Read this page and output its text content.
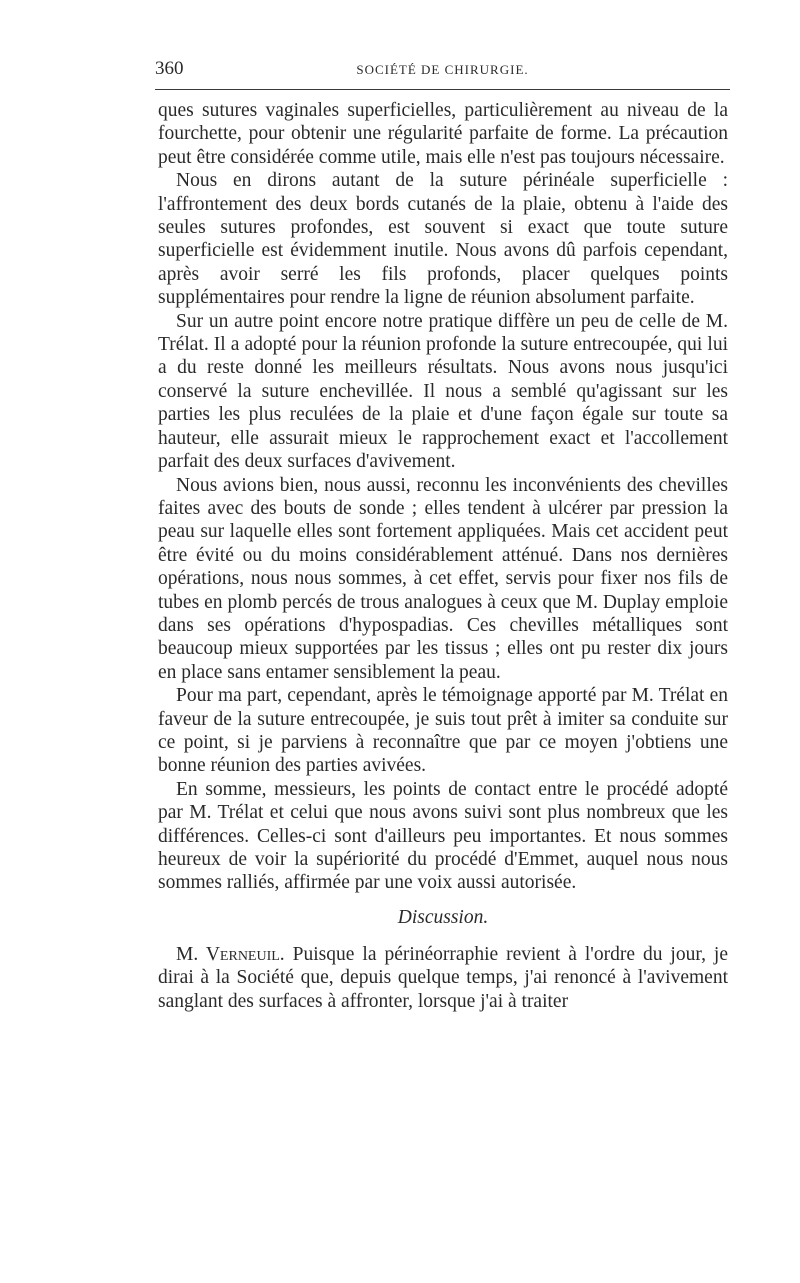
360	SOCIÉTÉ DE CHIRURGIE.

ques sutures vaginales superficielles, particulièrement au niveau de la fourchette, pour obtenir une régularité parfaite de forme. La précaution peut être considérée comme utile, mais elle n'est pas toujours nécessaire.

Nous en dirons autant de la suture périnéale superficielle : l'affrontement des deux bords cutanés de la plaie, obtenu à l'aide des seules sutures profondes, est souvent si exact que toute suture superficielle est évidemment inutile. Nous avons dû parfois cependant, après avoir serré les fils profonds, placer quelques points supplémentaires pour rendre la ligne de réunion absolument parfaite.

Sur un autre point encore notre pratique diffère un peu de celle de M. Trélat. Il a adopté pour la réunion profonde la suture entrecoupée, qui lui a du reste donné les meilleurs résultats. Nous avons nous jusqu'ici conservé la suture enchevillée. Il nous a semblé qu'agissant sur les parties les plus reculées de la plaie et d'une façon égale sur toute sa hauteur, elle assurait mieux le rapprochement exact et l'accollement parfait des deux surfaces d'avivement.

Nous avions bien, nous aussi, reconnu les inconvénients des chevilles faites avec des bouts de sonde ; elles tendent à ulcérer par pression la peau sur laquelle elles sont fortement appliquées. Mais cet accident peut être évité ou du moins considérablement atténué. Dans nos dernières opérations, nous nous sommes, à cet effet, servis pour fixer nos fils de tubes en plomb percés de trous analogues à ceux que M. Duplay emploie dans ses opérations d'hypospadias. Ces chevilles métalliques sont beaucoup mieux supportées par les tissus ; elles ont pu rester dix jours en place sans entamer sensiblement la peau.

Pour ma part, cependant, après le témoignage apporté par M. Trélat en faveur de la suture entrecoupée, je suis tout prêt à imiter sa conduite sur ce point, si je parviens à reconnaître que par ce moyen j'obtiens une bonne réunion des parties avivées.

En somme, messieurs, les points de contact entre le procédé adopté par M. Trélat et celui que nous avons suivi sont plus nombreux que les différences. Celles-ci sont d'ailleurs peu importantes. Et nous sommes heureux de voir la supériorité du procédé d'Emmet, auquel nous nous sommes ralliés, affirmée par une voix aussi autorisée.

Discussion.

M. Verneuil. Puisque la périnéorraphie revient à l'ordre du jour, je dirai à la Société que, depuis quelque temps, j'ai renoncé à l'avivement sanglant des surfaces à affronter, lorsque j'ai à traiter
